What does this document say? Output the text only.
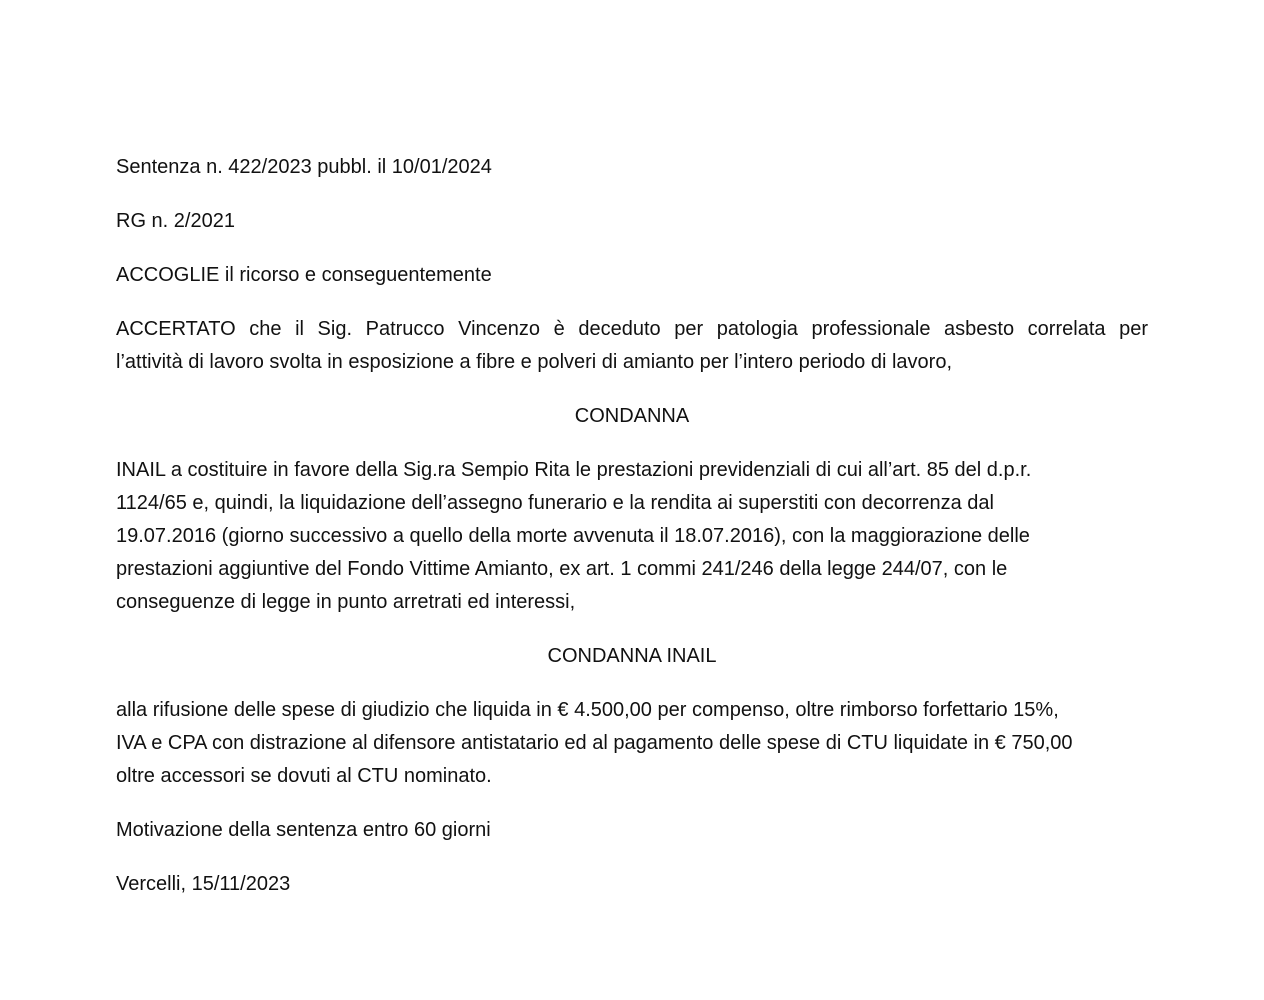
Sentenza n. 422/2023 pubbl. il 10/01/2024

RG n. 2/2021

ACCOGLIE il ricorso e conseguentemente

ACCERTATO che il Sig. Patrucco Vincenzo è deceduto per patologia professionale asbesto correlata per
l’attività di lavoro svolta in esposizione a fibre e polveri di amianto per l’intero periodo di lavoro,

CONDANNA

INAIL a costituire in favore della Sig.ra Sempio Rita le prestazioni previdenziali di cui all’art. 85 del d.p.r.
1124/65 e, quindi, la liquidazione dell’assegno funerario e la rendita ai superstiti con decorrenza dal
19.07.2016 (giorno successivo a quello della morte avvenuta il 18.07.2016), con la maggiorazione delle
prestazioni aggiuntive del Fondo Vittime Amianto, ex art. 1 commi 241/246 della legge 244/07, con le
conseguenze di legge in punto arretrati ed interessi,

CONDANNA INAIL

alla rifusione delle spese di giudizio che liquida in € 4.500,00 per compenso, oltre rimborso forfettario 15%,
IVA e CPA con distrazione al difensore antistatario ed al pagamento delle spese di CTU liquidate in € 750,00
oltre accessori se dovuti al CTU nominato.

Motivazione della sentenza entro 60 giorni

Vercelli, 15/11/2023
